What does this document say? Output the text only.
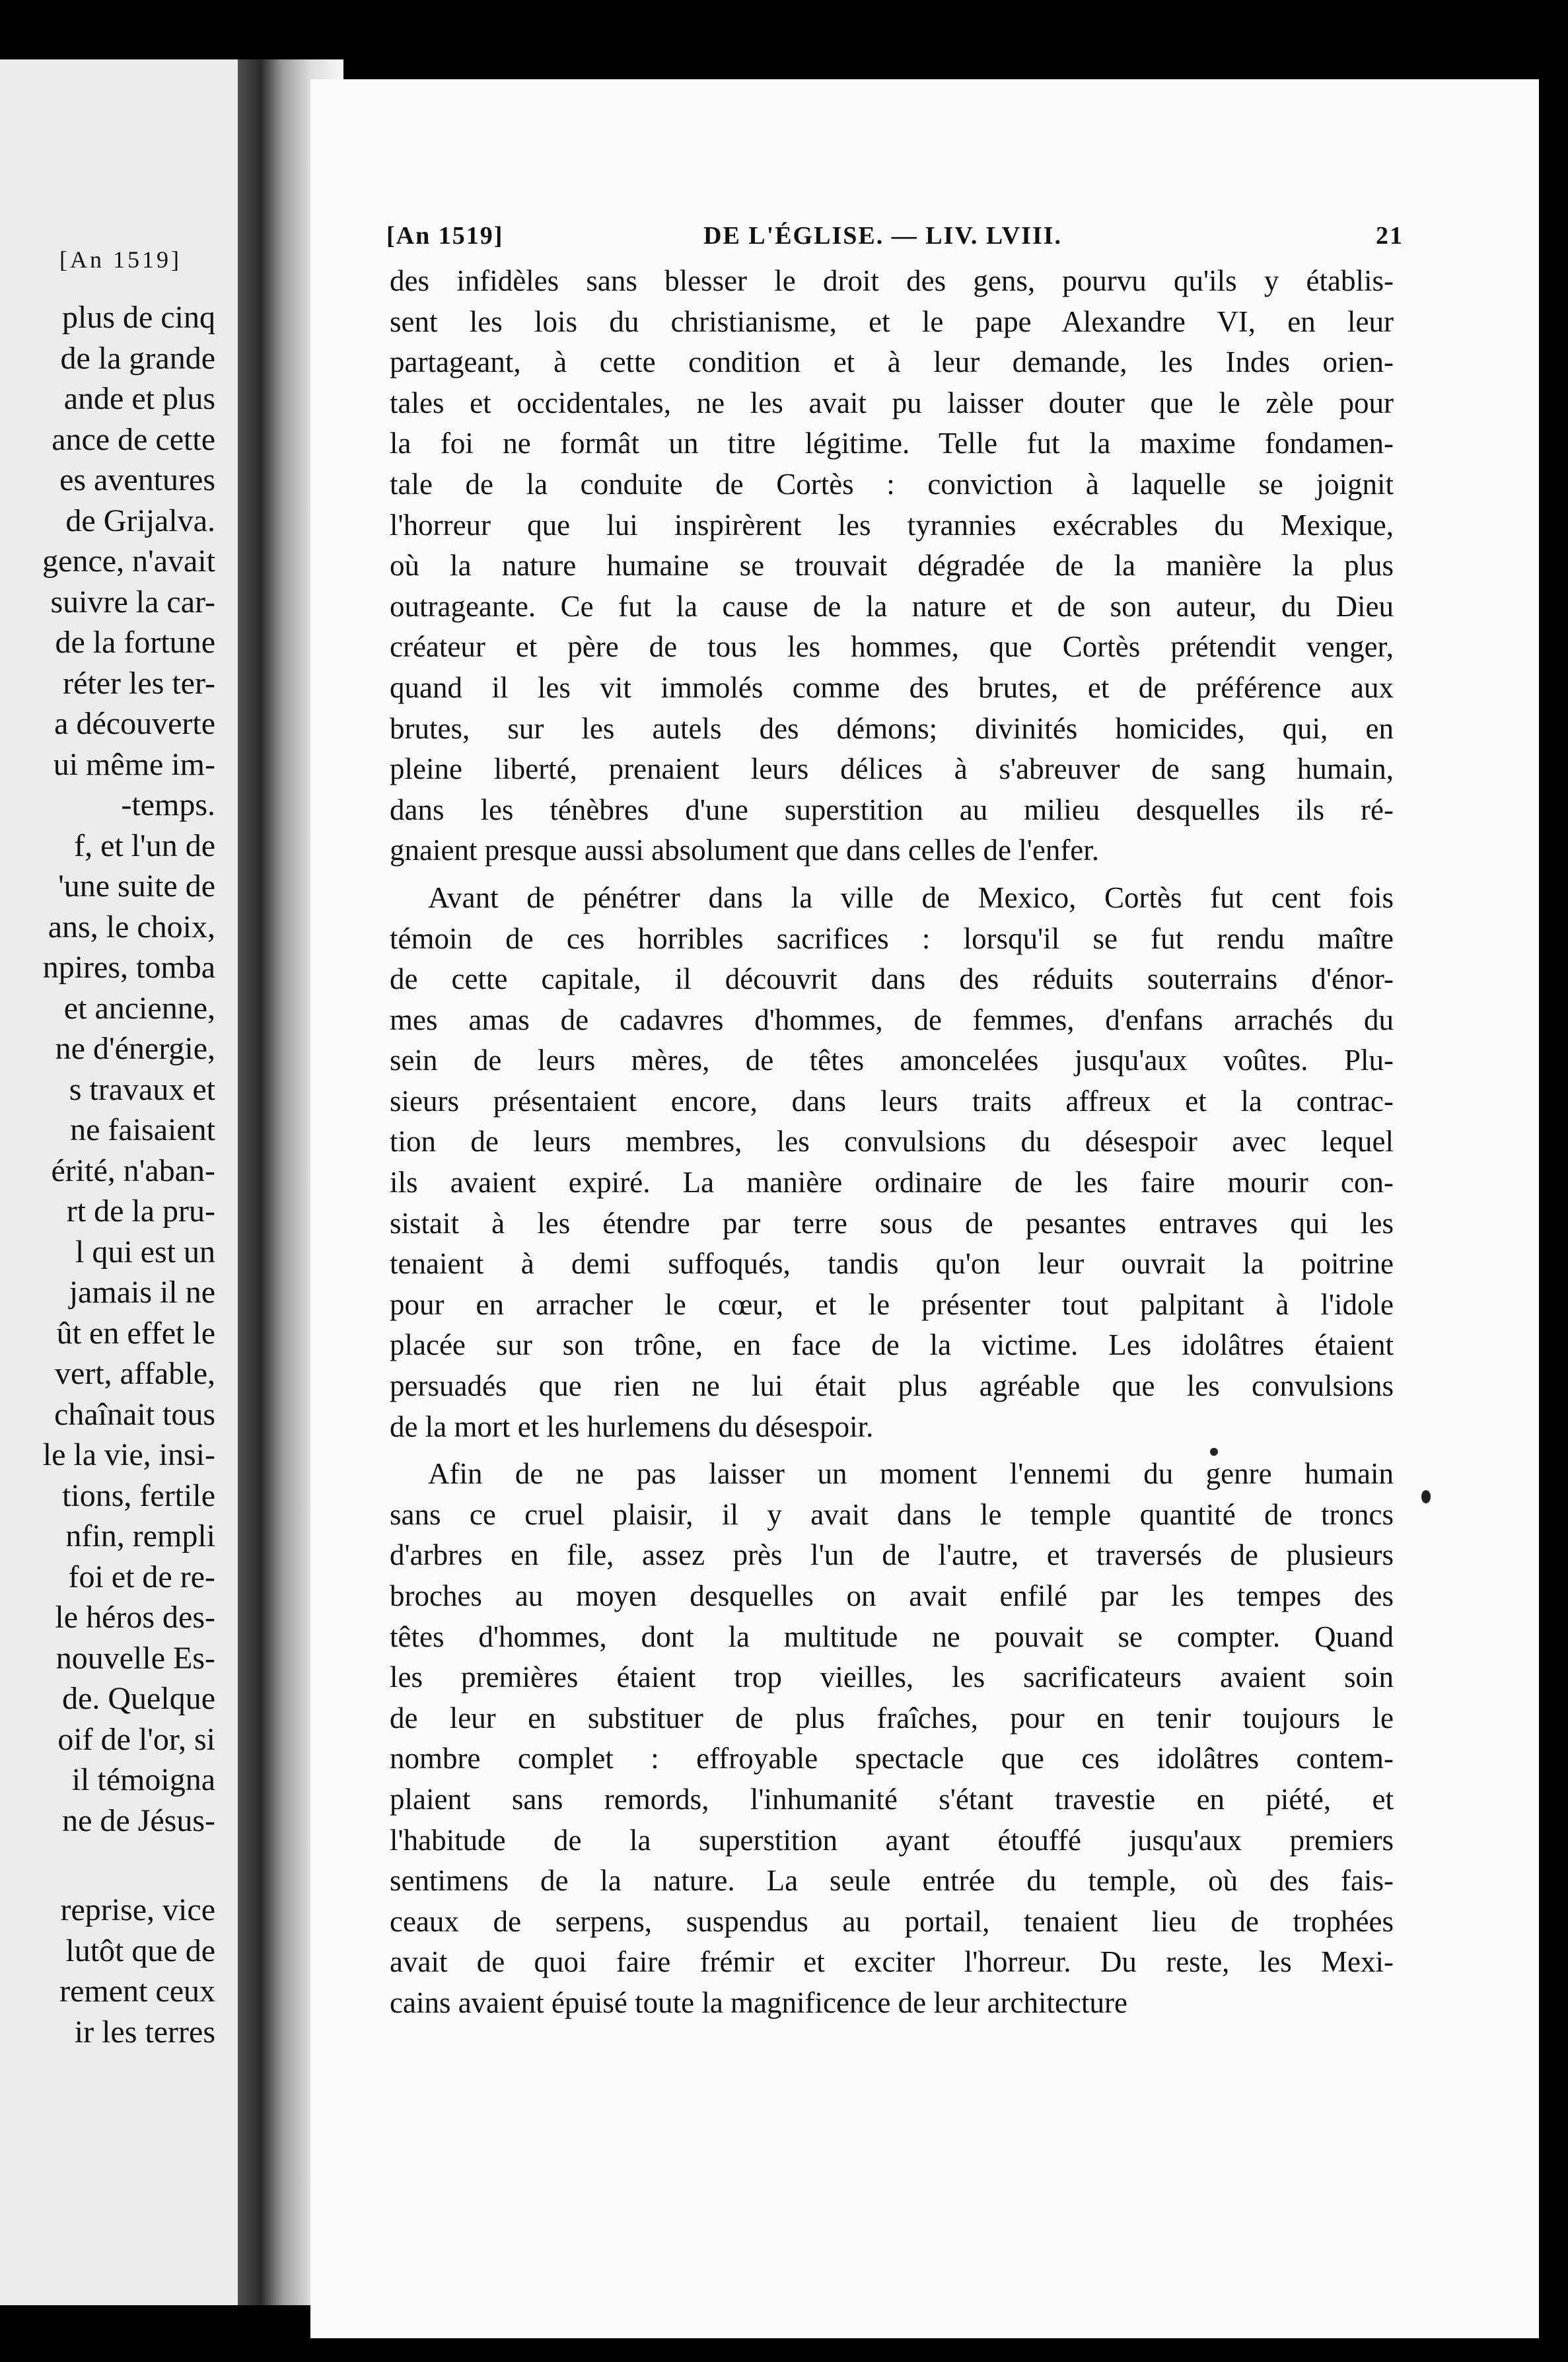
[An 1519]
plus de cinq
de la grande
ande et plus
ance de cette
es aventures
de Grijalva.
gence, n'avait
suivre la car-
de la fortune
réter les ter-
a découverte
ui même im-
-temps.
f, et l'un de
'une suite de
ans, le choix,
npires, tomba
et ancienne,
ne d'énergie,
s travaux et
ne faisaient
érité, n'aban-
rt de la pru-
l qui est un
jamais il ne
ût en effet le
vert, affable,
chaînait tous
le la vie, insi-
tions, fertile
nfin, rempli
foi et de re-
le héros des-
nouvelle Es-
de. Quelque
oif de l'or, si
il témoigna
ne de Jésus-
reprise, vice
lutôt que de
rement ceux
ir les terres
[An 1519]	DE L'ÉGLISE. — LIV. LVIII.	21
des infidèles sans blesser le droit des gens, pourvu qu'ils y établis-
sent les lois du christianisme, et le pape Alexandre VI, en leur
partageant, à cette condition et à leur demande, les Indes orien-
tales et occidentales, ne les avait pu laisser douter que le zèle pour
la foi ne formât un titre légitime. Telle fut la maxime fondamen-
tale de la conduite de Cortès : conviction à laquelle se joignit
l'horreur que lui inspirèrent les tyrannies exécrables du Mexique,
où la nature humaine se trouvait dégradée de la manière la plus
outrageante. Ce fut la cause de la nature et de son auteur, du Dieu
créateur et père de tous les hommes, que Cortès prétendit venger,
quand il les vit immolés comme des brutes, et de préférence aux
brutes, sur les autels des démons; divinités homicides, qui, en
pleine liberté, prenaient leurs délices à s'abreuver de sang humain,
dans les ténèbres d'une superstition au milieu desquelles ils ré-
gnaient presque aussi absolument que dans celles de l'enfer.
Avant de pénétrer dans la ville de Mexico, Cortès fut cent fois
témoin de ces horribles sacrifices : lorsqu'il se fut rendu maître
de cette capitale, il découvrit dans des réduits souterrains d'énor-
mes amas de cadavres d'hommes, de femmes, d'enfans arrachés du
sein de leurs mères, de têtes amoncelées jusqu'aux voûtes. Plu-
sieurs présentaient encore, dans leurs traits affreux et la contrac-
tion de leurs membres, les convulsions du désespoir avec lequel
ils avaient expiré. La manière ordinaire de les faire mourir con-
sistait à les étendre par terre sous de pesantes entraves qui les
tenaient à demi suffoqués, tandis qu'on leur ouvrait la poitrine
pour en arracher le cœur, et le présenter tout palpitant à l'idole
placée sur son trône, en face de la victime. Les idolâtres étaient
persuadés que rien ne lui était plus agréable que les convulsions
de la mort et les hurlemens du désespoir.
Afin de ne pas laisser un moment l'ennemi du genre humain
sans ce cruel plaisir, il y avait dans le temple quantité de troncs
d'arbres en file, assez près l'un de l'autre, et traversés de plusieurs
broches au moyen desquelles on avait enfilé par les tempes des
têtes d'hommes, dont la multitude ne pouvait se compter. Quand
les premières étaient trop vieilles, les sacrificateurs avaient soin
de leur en substituer de plus fraîches, pour en tenir toujours le
nombre complet : effroyable spectacle que ces idolâtres contem-
plaient sans remords, l'inhumanité s'étant travestie en piété, et
l'habitude de la superstition ayant étouffé jusqu'aux premiers
sentimens de la nature. La seule entrée du temple, où des fais-
ceaux de serpens, suspendus au portail, tenaient lieu de trophées
avait de quoi faire frémir et exciter l'horreur. Du reste, les Mexi-
cains avaient épuisé toute la magnificence de leur architecture
